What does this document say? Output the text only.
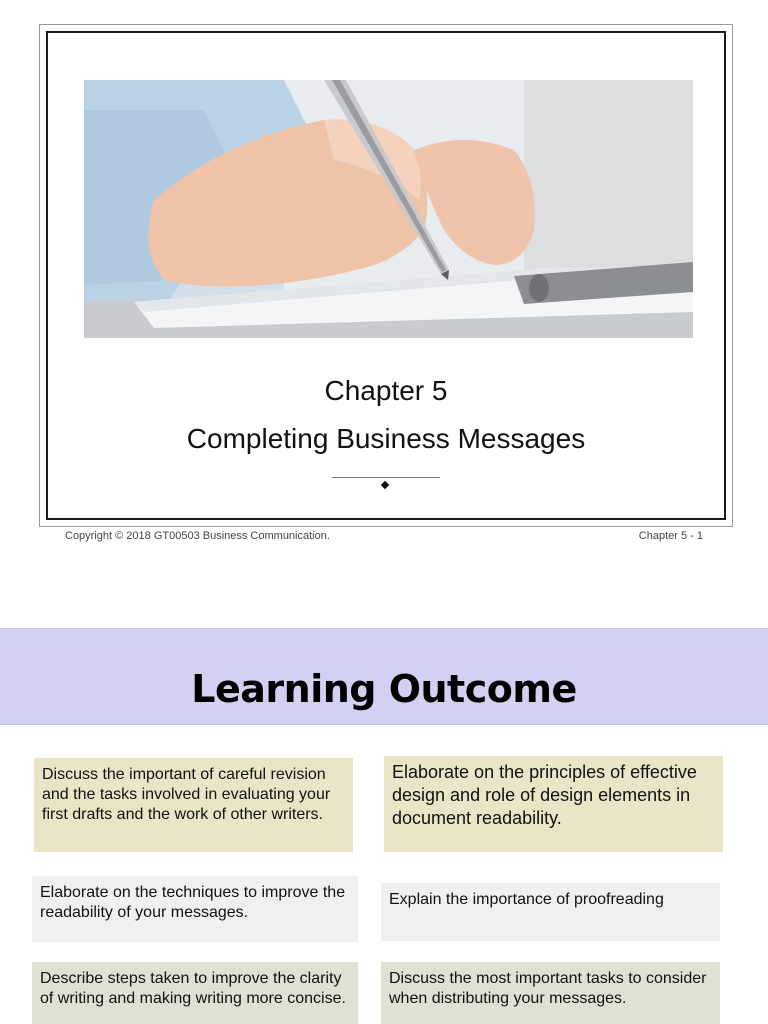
Chapter 5
Completing Business Messages
Copyright © 2018 GT00503 Business Communication.	Chapter 5 - 1
Learning Outcome
Discuss the important of careful revision and the tasks involved in evaluating your first drafts and the work of other writers.
Elaborate on the principles of effective design and role of design elements in document readability.
Elaborate on the techniques to improve the readability of your messages.
Explain the importance of proofreading
Describe steps taken to improve the clarity of writing and making writing more concise.
Discuss the most important tasks to consider when distributing your messages.
